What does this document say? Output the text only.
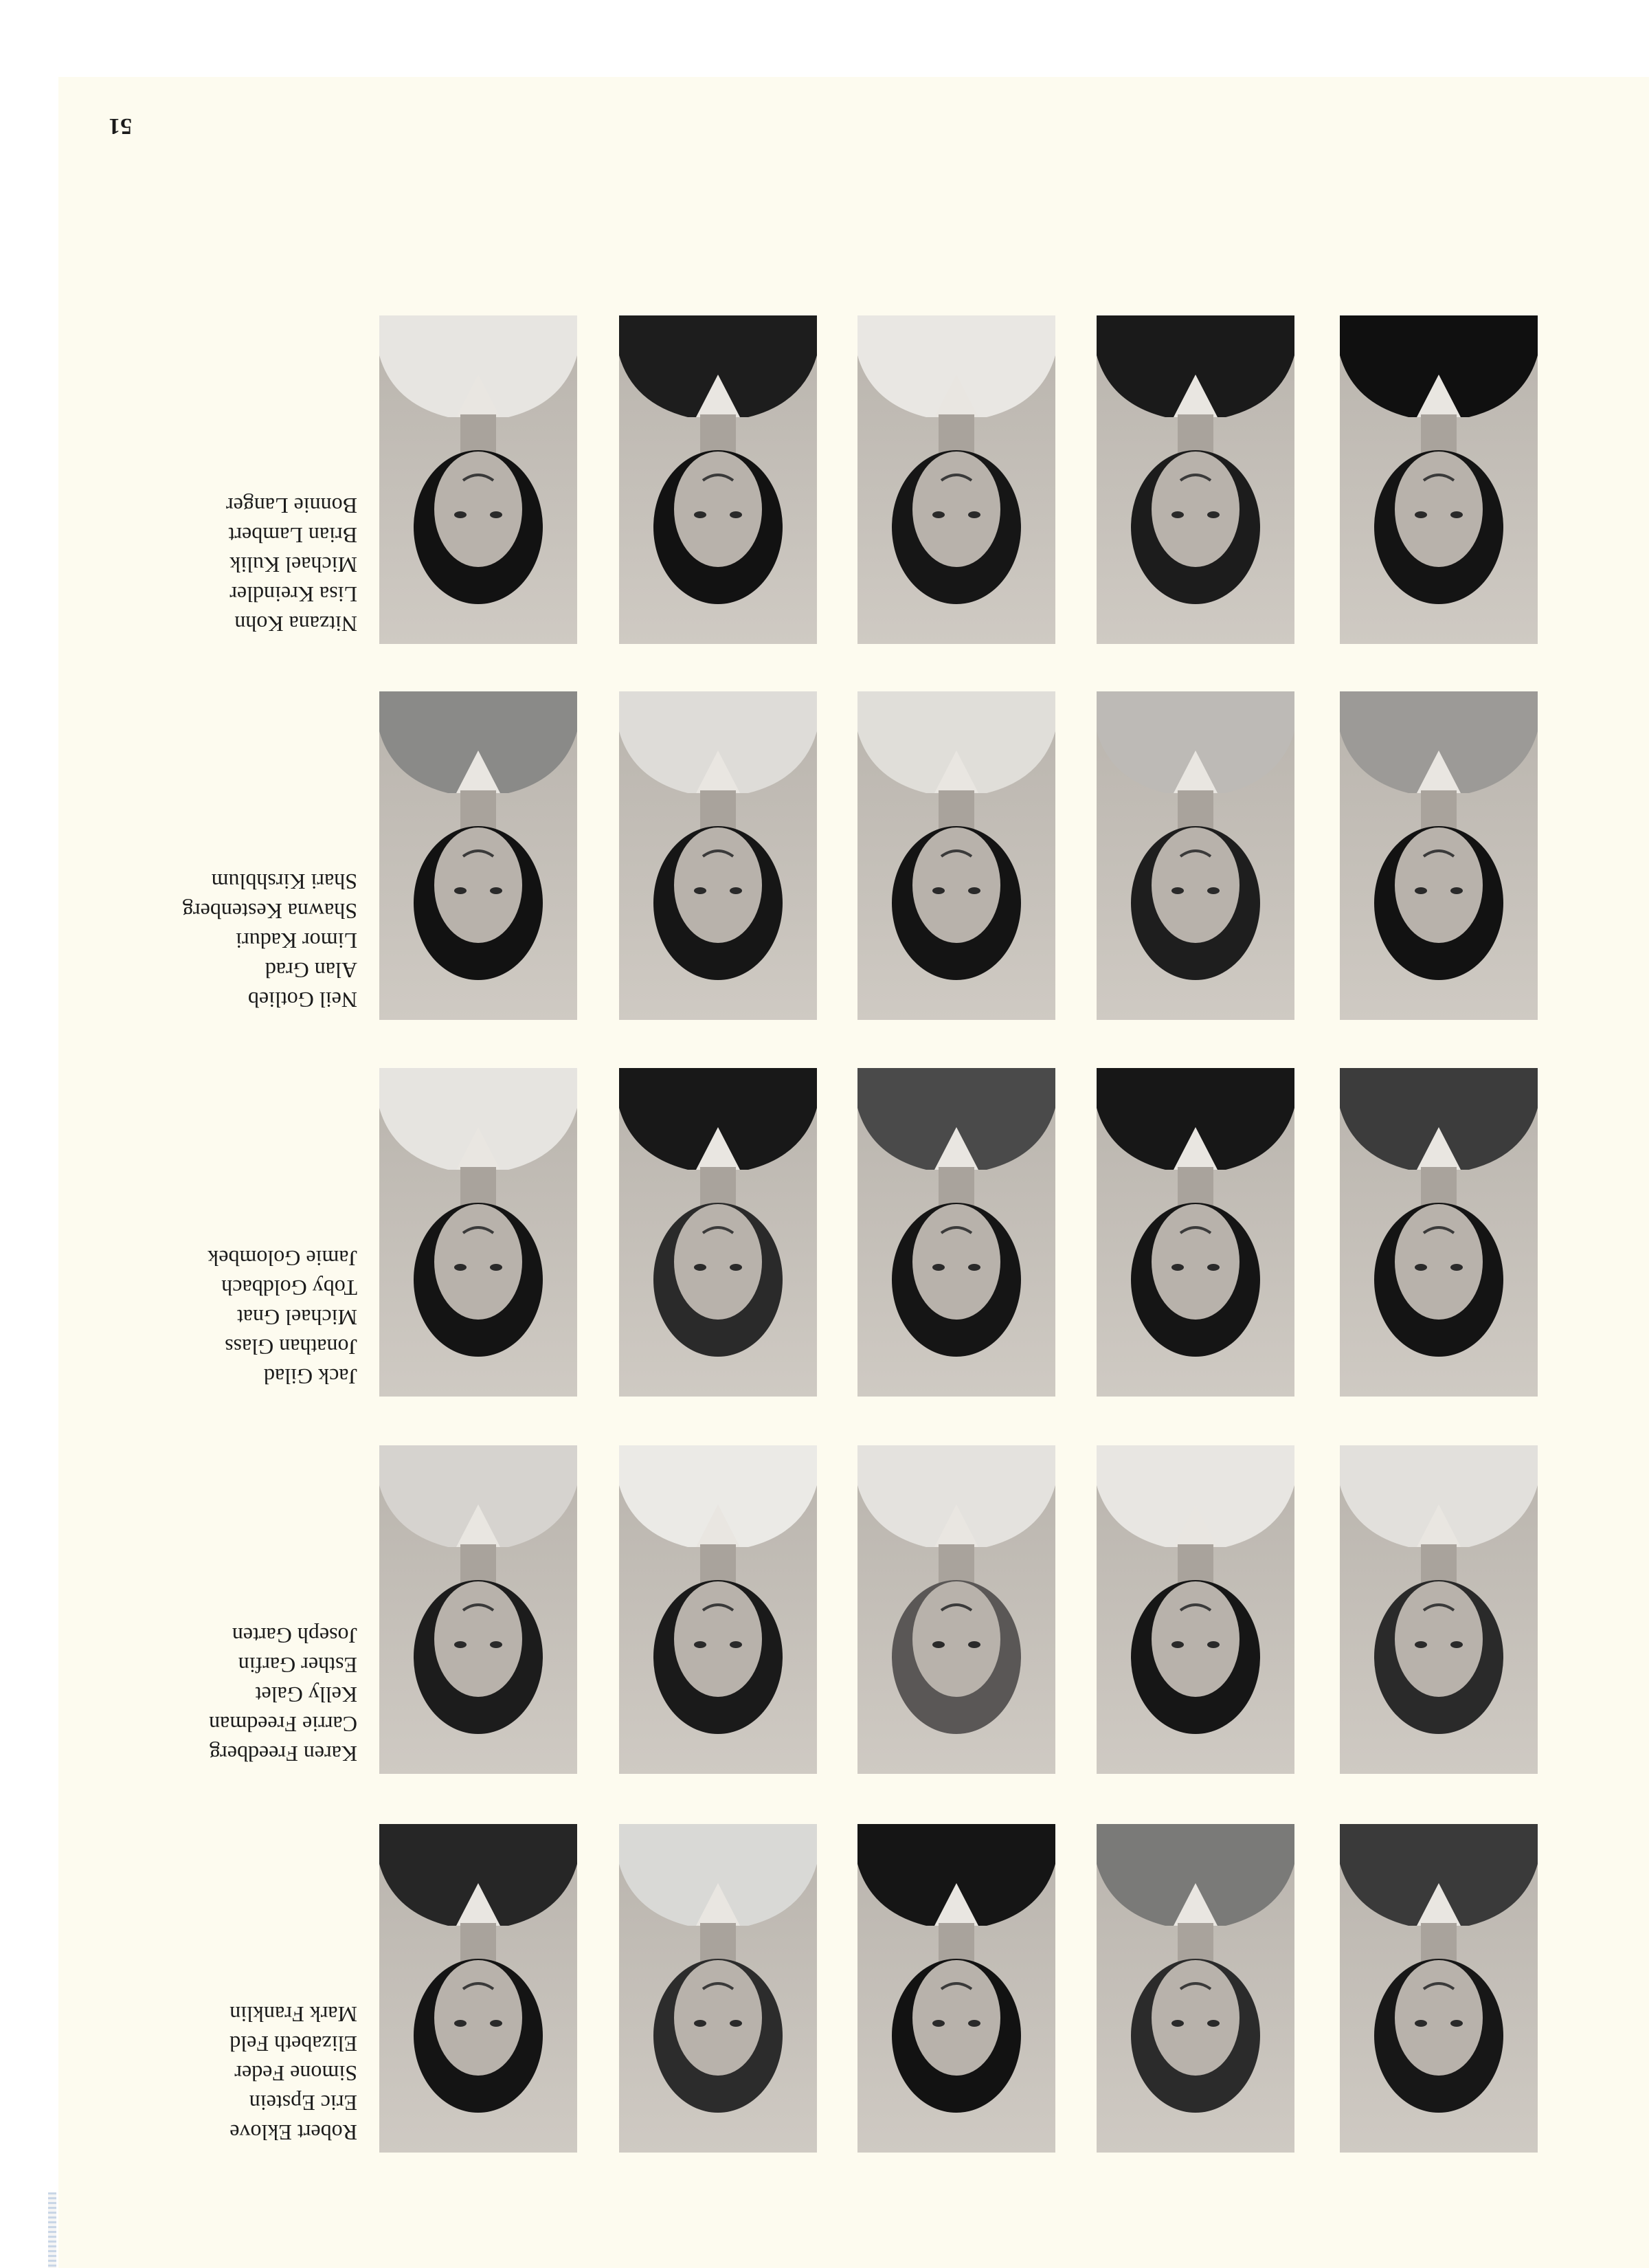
51
Robert Eklove
Eric Epstein
Simone Feder
Elizabeth Feld
Mark Franklin
Karen Freedberg
Carrie Freedman
Kelly Galet
Esther Garfin
Joseph Garten
Jack Gilad
Jonathan Glass
Michael Gnat
Toby Goldbach
Jamie Golombek
Neil Gotlieb
Alan Grad
Limor Kaduri
Shawna Kestenberg
Shari Kirshblum
Nitzana Kohn
Lisa Kreindler
Michael Kulik
Brian Lambert
Bonnie Langer
